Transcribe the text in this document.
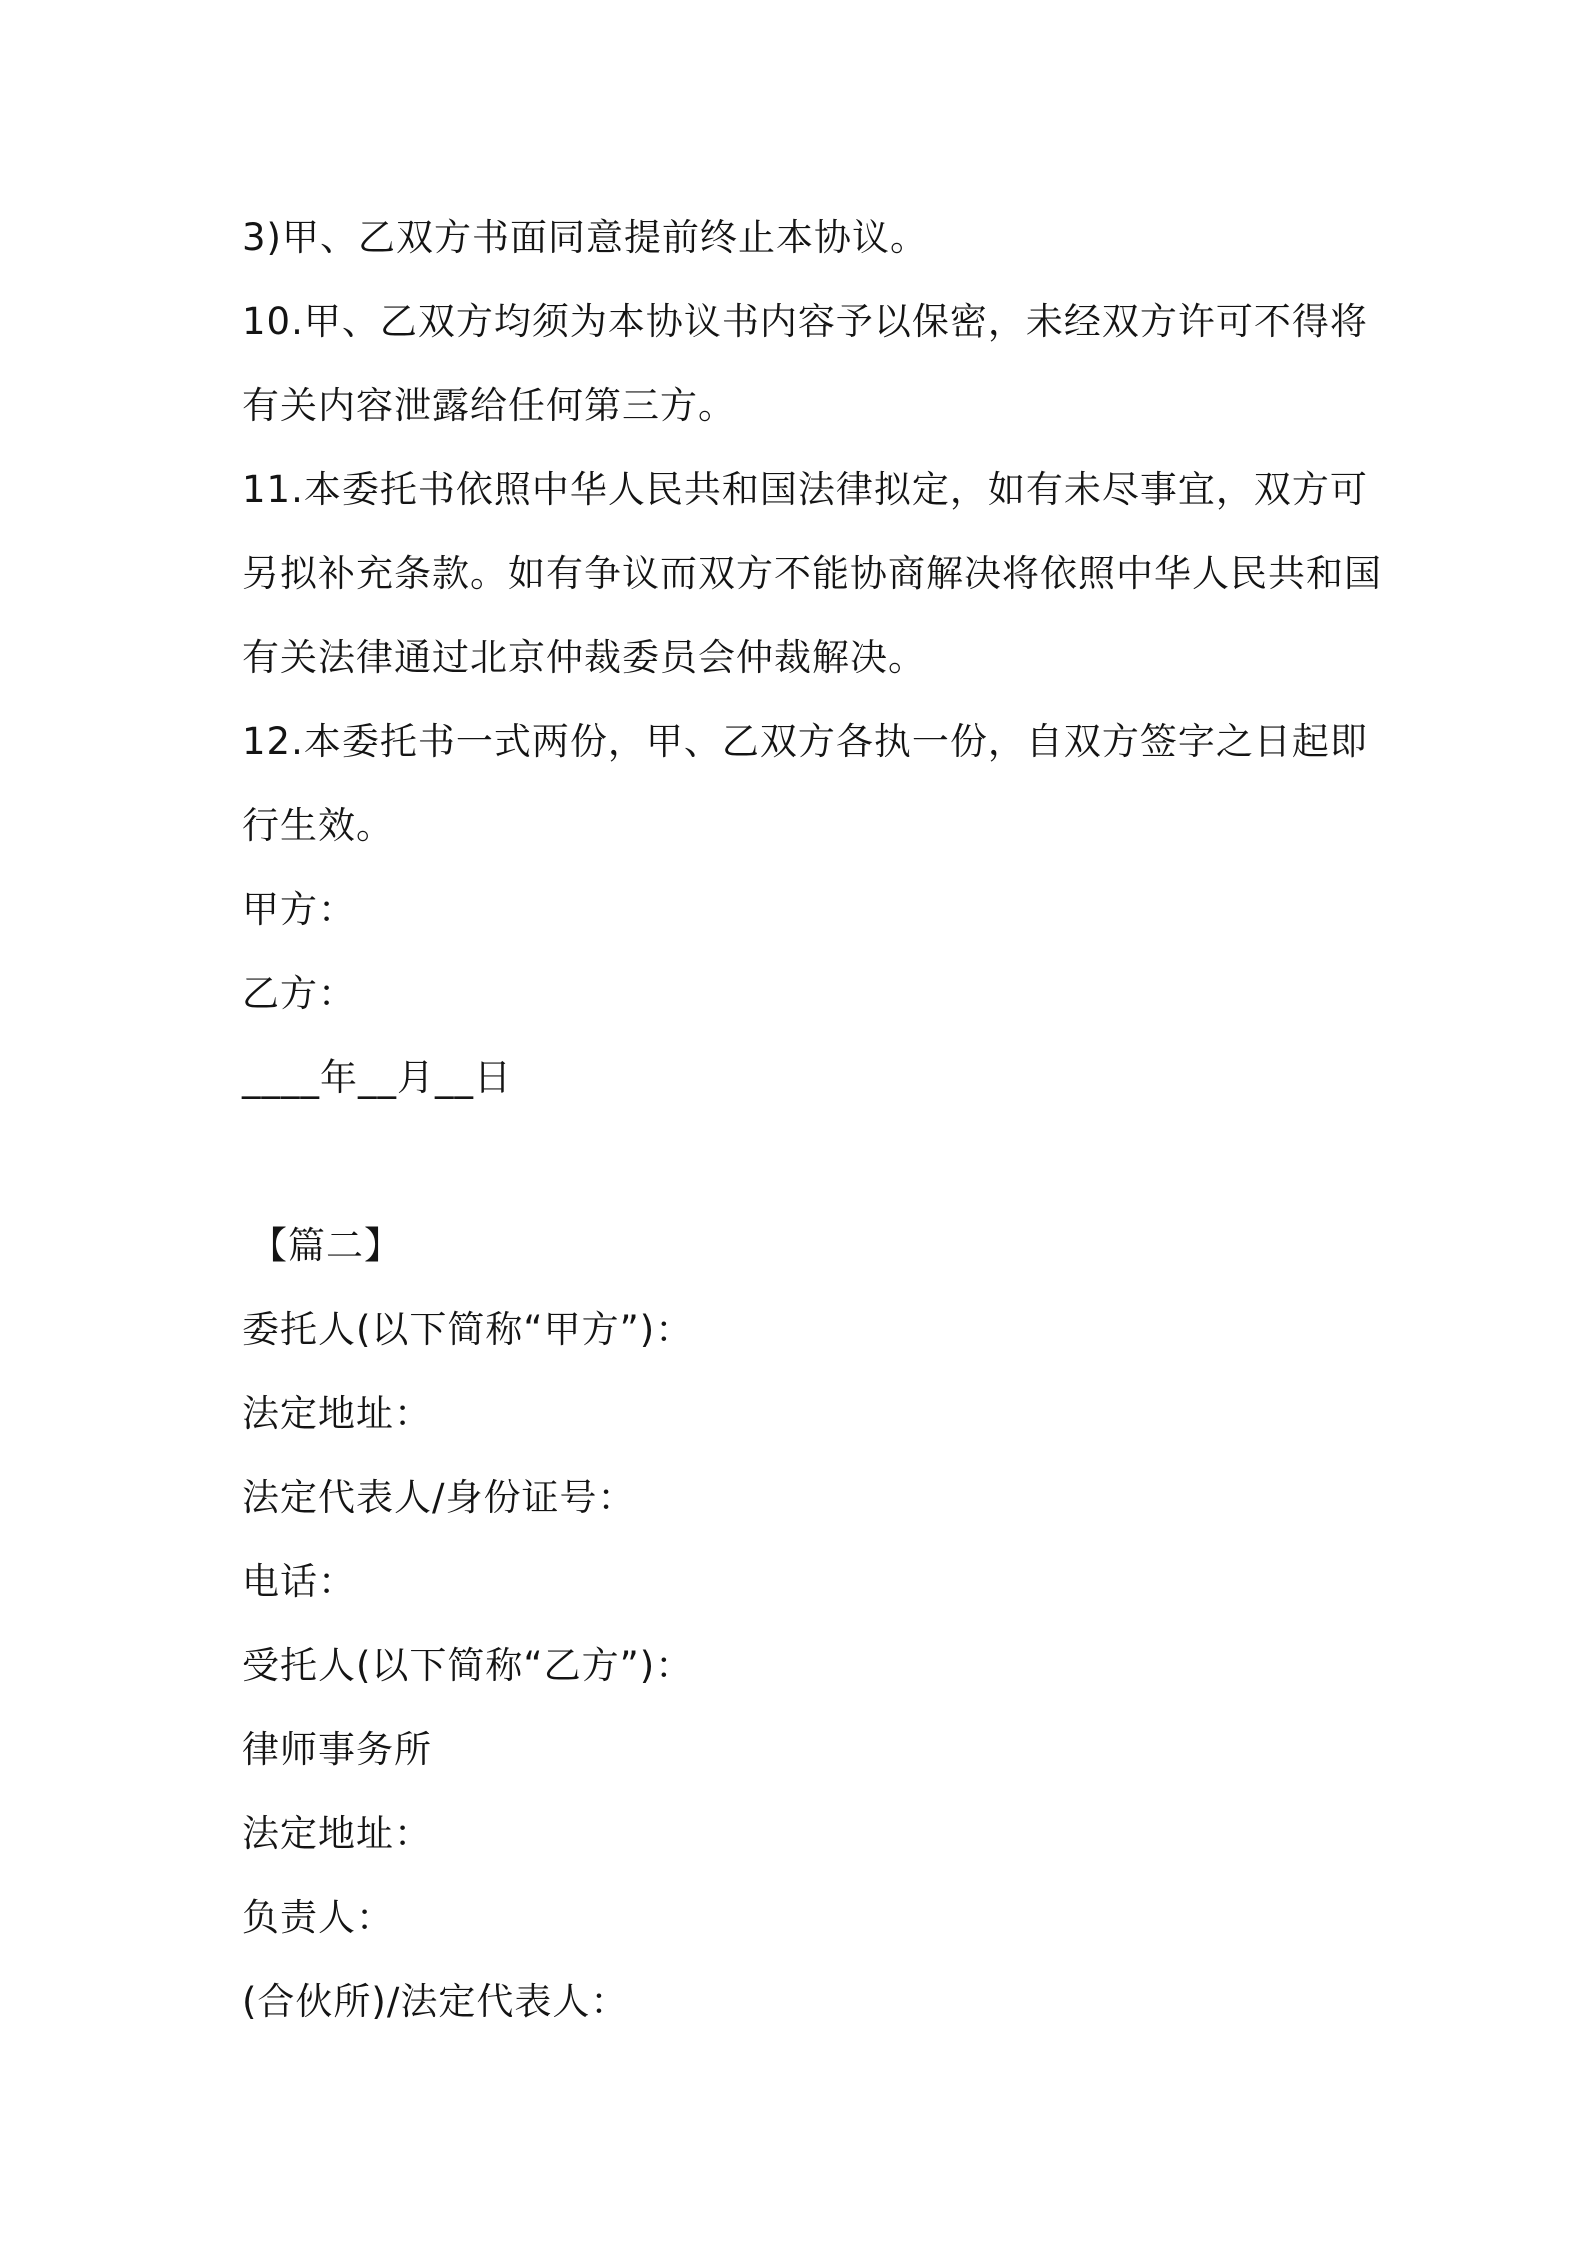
3)甲、乙双方书面同意提前终止本协议。

10.甲、乙双方均须为本协议书内容予以保密，未经双方许可不得将

有关内容泄露给任何第三方。

11.本委托书依照中华人民共和国法律拟定，如有未尽事宜，双方可

另拟补充条款。如有争议而双方不能协商解决将依照中华人民共和国

有关法律通过北京仲裁委员会仲裁解决。

12.本委托书一式两份，甲、乙双方各执一份，自双方签字之日起即

行生效。

甲方：

乙方：

____年__月__日

【篇二】

委托人(以下简称“甲方”)：

法定地址：

法定代表人/身份证号：

电话：

受托人(以下简称“乙方”)：

律师事务所

法定地址：

负责人：

(合伙所)/法定代表人：
